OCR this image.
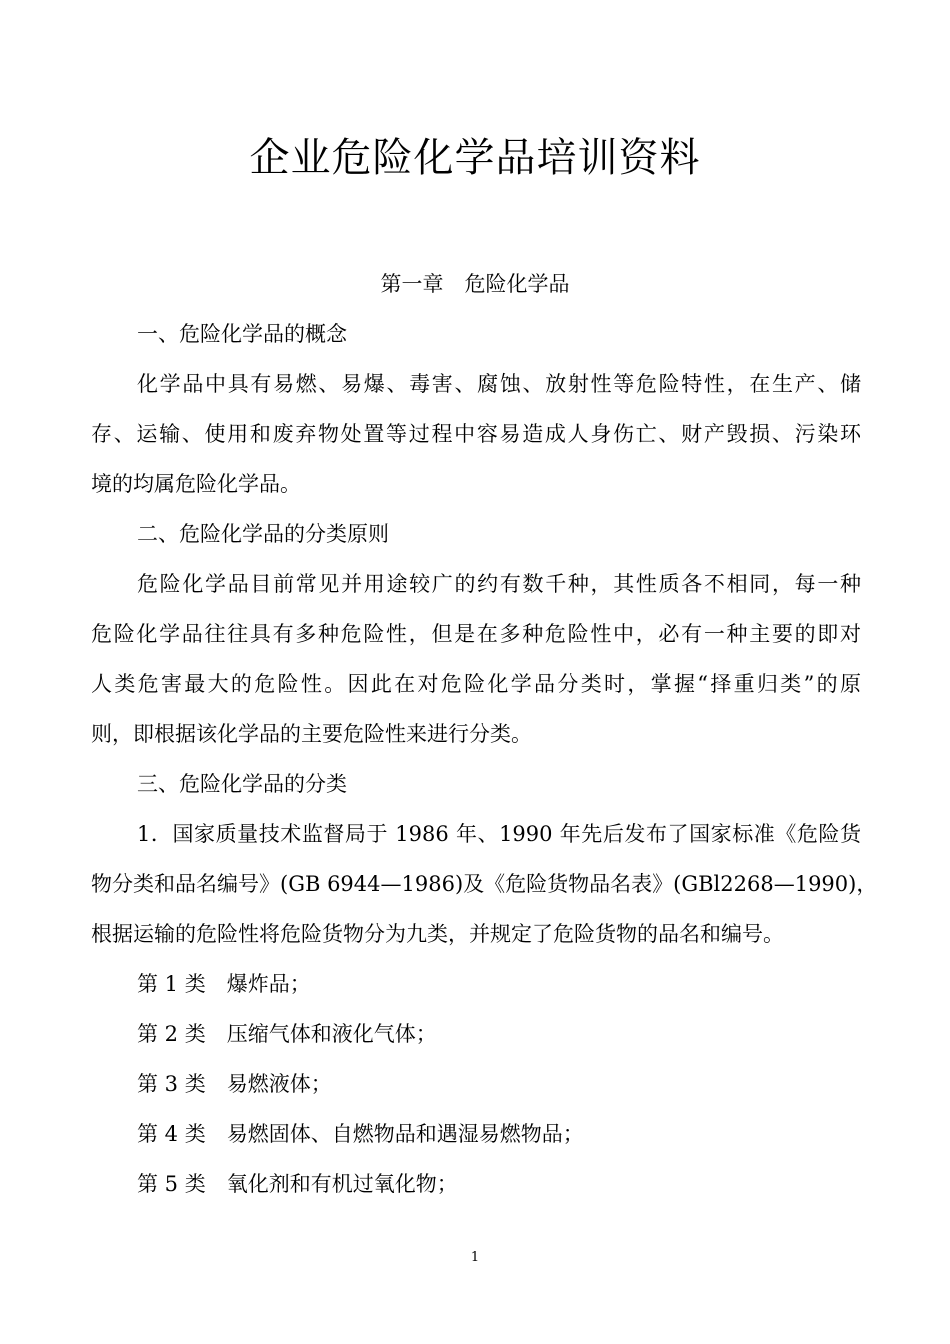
企业危险化学品培训资料

第一章　危险化学品

一、危险化学品的概念

化学品中具有易燃、易爆、毒害、腐蚀、放射性等危险特性，在生产、储

存、运输、使用和废弃物处置等过程中容易造成人身伤亡、财产毁损、污染环

境的均属危险化学品。

二、危险化学品的分类原则

危险化学品目前常见并用途较广的约有数千种，其性质各不相同，每一种

危险化学品往往具有多种危险性，但是在多种危险性中，必有一种主要的即对

人类危害最大的危险性。因此在对危险化学品分类时，掌握“择重归类”的原

则，即根据该化学品的主要危险性来进行分类。

三、危险化学品的分类

1．国家质量技术监督局于 1986 年、1990 年先后发布了国家标准《危险货

物分类和品名编号》(GB 6944—1986)及《危险货物品名表》(GBl2268—1990)，

根据运输的危险性将危险货物分为九类，并规定了危险货物的品名和编号。

第 1 类　爆炸品；

第 2 类　压缩气体和液化气体；

第 3 类　易燃液体；

第 4 类　易燃固体、自燃物品和遇湿易燃物品；

第 5 类　氧化剂和有机过氧化物；

1
